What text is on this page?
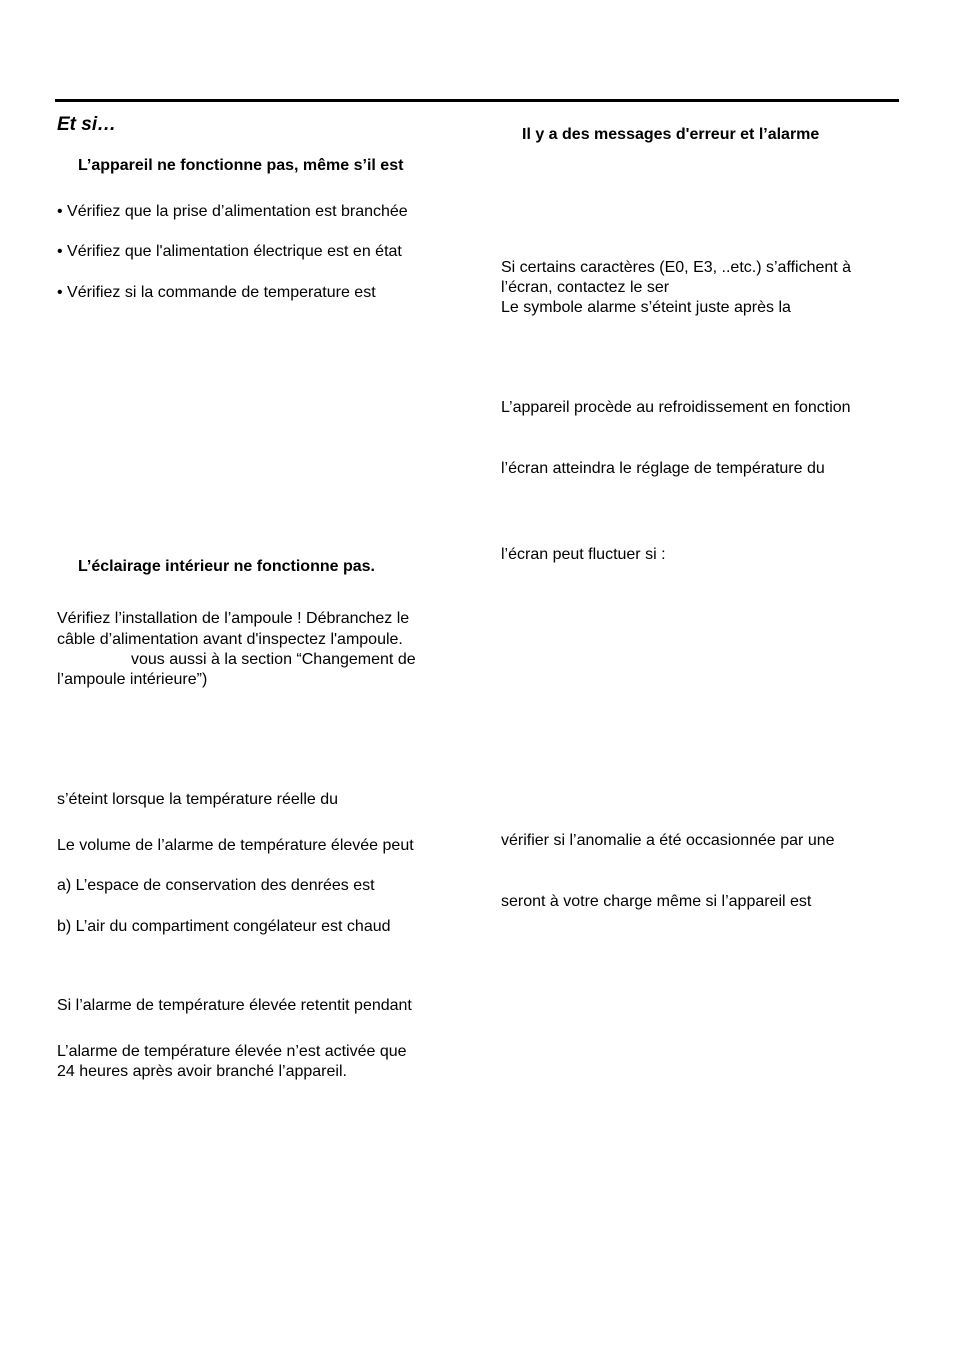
Et si…
L’appareil ne fonctionne pas, même s’il est
• Vérifiez que la prise d’alimentation est branchée
• Vérifiez que l'alimentation électrique est en état
• Vérifiez si la commande de temperature est
L’éclairage intérieur ne fonctionne pas.
Vérifiez l’installation de l’ampoule ! Débranchez le
câble d’alimentation avant d'inspectez l'ampoule.
vous aussi à la section “Changement de
l’ampoule intérieure”)
s’éteint lorsque la température réelle du
Le volume de l’alarme de température élevée peut
a) L’espace de conservation des denrées est
b) L’air du compartiment congélateur est chaud
Si l’alarme de température élevée retentit pendant
L’alarme de température élevée n’est activée que
24 heures après avoir branché l’appareil.
Il y a des messages d'erreur et l’alarme
Si certains caractères (E0, E3, ..etc.) s’affichent à
l’écran, contactez le ser
Le symbole alarme s’éteint juste après la
L’appareil procède au refroidissement en fonction
l’écran atteindra le réglage de température du
l’écran peut fluctuer si :
vérifier si l’anomalie a été occasionnée par une
seront à votre charge même si l’appareil est
